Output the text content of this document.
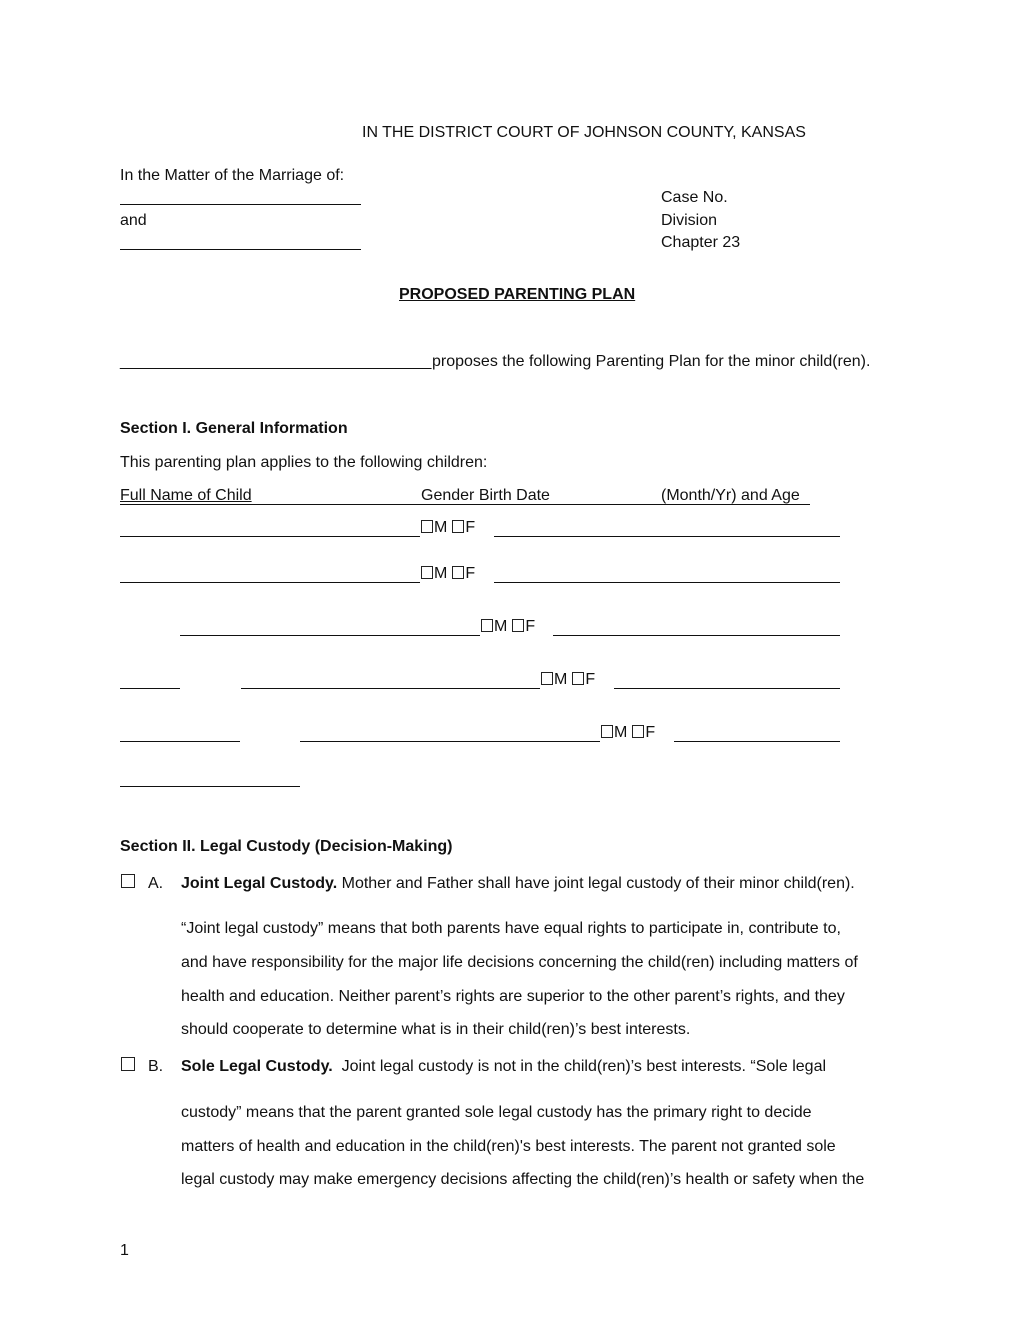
IN THE DISTRICT COURT OF JOHNSON COUNTY, KANSAS
In the Matter of the Marriage of:
and
Case No.
Division
Chapter 23
PROPOSED PARENTING PLAN
___________________________________ proposes the following Parenting Plan for the minor child(ren).
Section I. General Information
This parenting plan applies to the following children:
Full Name of Child	Gender Birth Date	(Month/Yr) and Age
M F
M F
M F
M F
M F
Section II. Legal Custody (Decision-Making)
A. Joint Legal Custody. Mother and Father shall have joint legal custody of their minor child(ren).
“Joint legal custody” means that both parents have equal rights to participate in, contribute to,
and have responsibility for the major life decisions concerning the child(ren) including matters of
health and education. Neither parent’s rights are superior to the other parent’s rights, and they
should cooperate to determine what is in their child(ren)’s best interests.
B. Sole Legal Custody. Joint legal custody is not in the child(ren)’s best interests. “Sole legal
custody” means that the parent granted sole legal custody has the primary right to decide
matters of health and education in the child(ren)'s best interests. The parent not granted sole
legal custody may make emergency decisions affecting the child(ren)’s health or safety when the
1
